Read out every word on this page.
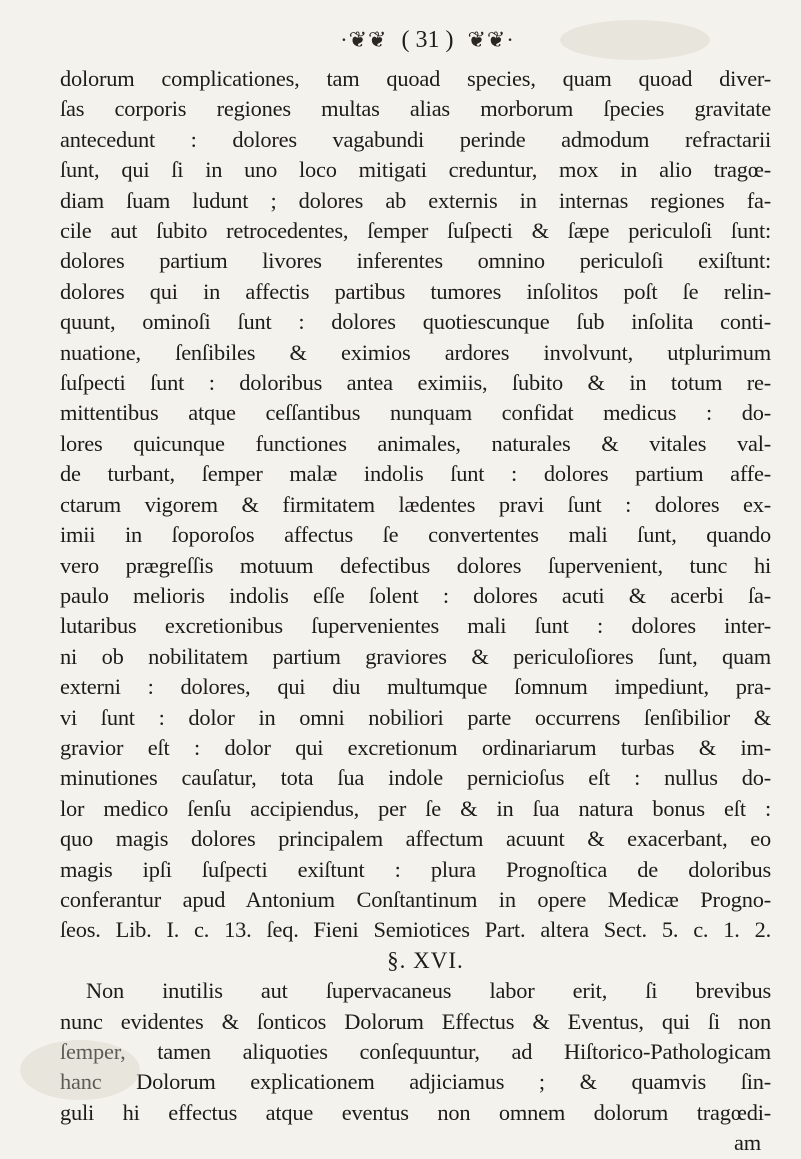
·❦❦ ( 31 ) ❦❦·
dolorum complicationes, tam quoad species, quam quoad diver-
ſas corporis regiones multas alias morborum ſpecies gravitate
antecedunt : dolores vagabundi perinde admodum refractarii
ſunt, qui ſi in uno loco mitigati creduntur, mox in alio tragœ-
diam ſuam ludunt ; dolores ab externis in internas regiones fa-
cile aut ſubito retrocedentes, ſemper ſuſpecti & ſæpe periculoſi ſunt:
dolores partium livores inferentes omnino periculoſi exiſtunt:
dolores qui in affectis partibus tumores inſolitos poſt ſe relin-
quunt, ominoſi ſunt : dolores quotiescunque ſub inſolita conti-
nuatione, ſenſibiles & eximios ardores involvunt, utplurimum
ſuſpecti ſunt : doloribus antea eximiis, ſubito & in totum re-
mittentibus atque ceſſantibus nunquam confidat medicus : do-
lores quicunque functiones animales, naturales & vitales val-
de turbant, ſemper malæ indolis ſunt : dolores partium affe-
ctarum vigorem & firmitatem lædentes pravi ſunt : dolores ex-
imii in ſoporoſos affectus ſe convertentes mali ſunt, quando
vero prægreſſis motuum defectibus dolores ſupervenient, tunc hi
paulo melioris indolis eſſe ſolent : dolores acuti & acerbi ſa-
lutaribus excretionibus ſupervenientes mali ſunt : dolores inter-
ni ob nobilitatem partium graviores & periculoſiores ſunt, quam
externi : dolores, qui diu multumque ſomnum impediunt, pra-
vi ſunt : dolor in omni nobiliori parte occurrens ſenſibilior &
gravior eſt : dolor qui excretionum ordinariarum turbas & im-
minutiones cauſatur, tota ſua indole pernicioſus eſt : nullus do-
lor medico ſenſu accipiendus, per ſe & in ſua natura bonus eſt :
quo magis dolores principalem affectum acuunt & exacerbant, eo
magis ipſi ſuſpecti exiſtunt : plura Prognoſtica de doloribus
conferantur apud Antonium Conſtantinum in opere Medicæ Progno-
ſeos. Lib. I. c. 13. ſeq. Fieni Semiotices Part. altera Sect. 5. c. 1. 2.
§. XVI.
Non inutilis aut ſupervacaneus labor erit, ſi brevibus
nunc evidentes & ſonticos Dolorum Effectus & Eventus, qui ſi non
ſemper, tamen aliquoties conſequuntur, ad Hiſtorico-Pathologicam
hanc Dolorum explicationem adjiciamus ; & quamvis ſin-
guli hi effectus atque eventus non omnem dolorum tragœdi-
am
